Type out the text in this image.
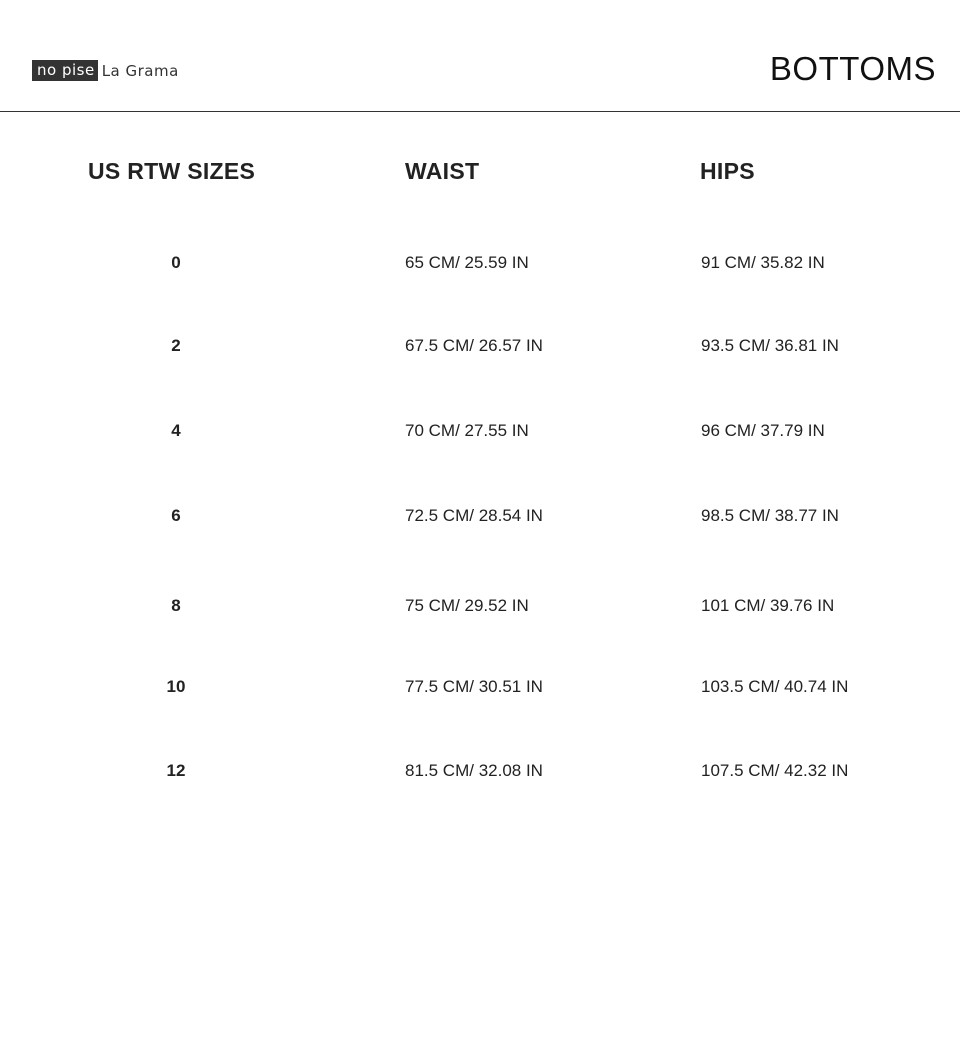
no pise La Grama	BOTTOMS
US RTW SIZES	WAIST	HIPS
0	65 CM/ 25.59 IN	91 CM/ 35.82 IN
2	67.5 CM/ 26.57 IN	93.5 CM/ 36.81 IN
4	70 CM/ 27.55 IN	96 CM/ 37.79 IN
6	72.5 CM/ 28.54 IN	98.5 CM/ 38.77 IN
8	75 CM/ 29.52 IN	101 CM/ 39.76 IN
10	77.5 CM/ 30.51 IN	103.5 CM/ 40.74 IN
12	81.5 CM/ 32.08 IN	107.5 CM/ 42.32 IN
